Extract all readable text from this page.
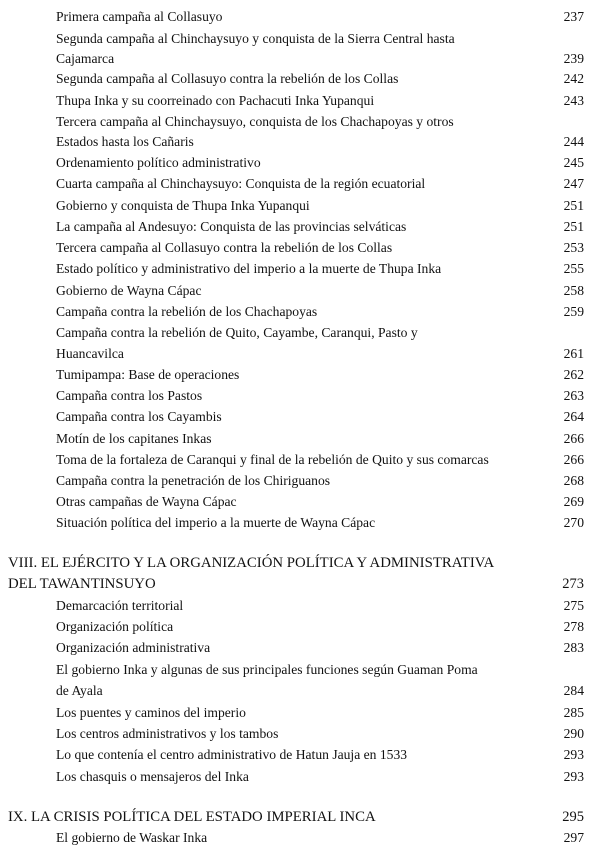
Primera campaña al Collasuyo	237
Segunda campaña al Chinchaysuyo y conquista de la Sierra Central hasta
Cajamarca	239
Segunda campaña al Collasuyo contra la rebelión de los Collas	242
Thupa Inka y su coorreinado con Pachacuti Inka Yupanqui	243
Tercera campaña al Chinchaysuyo, conquista de los Chachapoyas y otros
Estados hasta los Cañaris	244
Ordenamiento político administrativo	245
Cuarta campaña al Chinchaysuyo: Conquista de la región ecuatorial	247
Gobierno y conquista de Thupa Inka Yupanqui	251
La campaña al Andesuyo: Conquista de las provincias selváticas	251
Tercera campaña al Collasuyo contra la rebelión de los Collas	253
Estado político y administrativo del imperio a la muerte de Thupa Inka	255
Gobierno de Wayna Cápac	258
Campaña contra la rebelión de los Chachapoyas	259
Campaña contra la rebelión de Quito, Cayambe, Caranqui, Pasto y
Huancavilca	261
Tumipampa: Base de operaciones	262
Campaña contra los Pastos	263
Campaña contra los Cayambis	264
Motín de los capitanes Inkas	266
Toma de la fortaleza de Caranqui y final de la rebelión de Quito y sus comarcas	266
Campaña contra la penetración de los Chiriguanos	268
Otras campañas de Wayna Cápac	269
Situación política del imperio a la muerte de Wayna Cápac	270
VIII. EL EJÉRCITO Y LA ORGANIZACIÓN POLÍTICA Y ADMINISTRATIVA
DEL TAWANTINSUYO	273
Demarcación territorial	275
Organización política	278
Organización administrativa	283
El gobierno Inka y algunas de sus principales funciones según Guaman Poma
de Ayala	284
Los puentes y caminos del imperio	285
Los centros administrativos y los tambos	290
Lo que contenía el centro administrativo de Hatun Jauja en 1533	293
Los chasquis o mensajeros del Inka	293
IX. LA CRISIS POLÍTICA DEL ESTADO IMPERIAL INCA	295
El gobierno de Waskar Inka	297
